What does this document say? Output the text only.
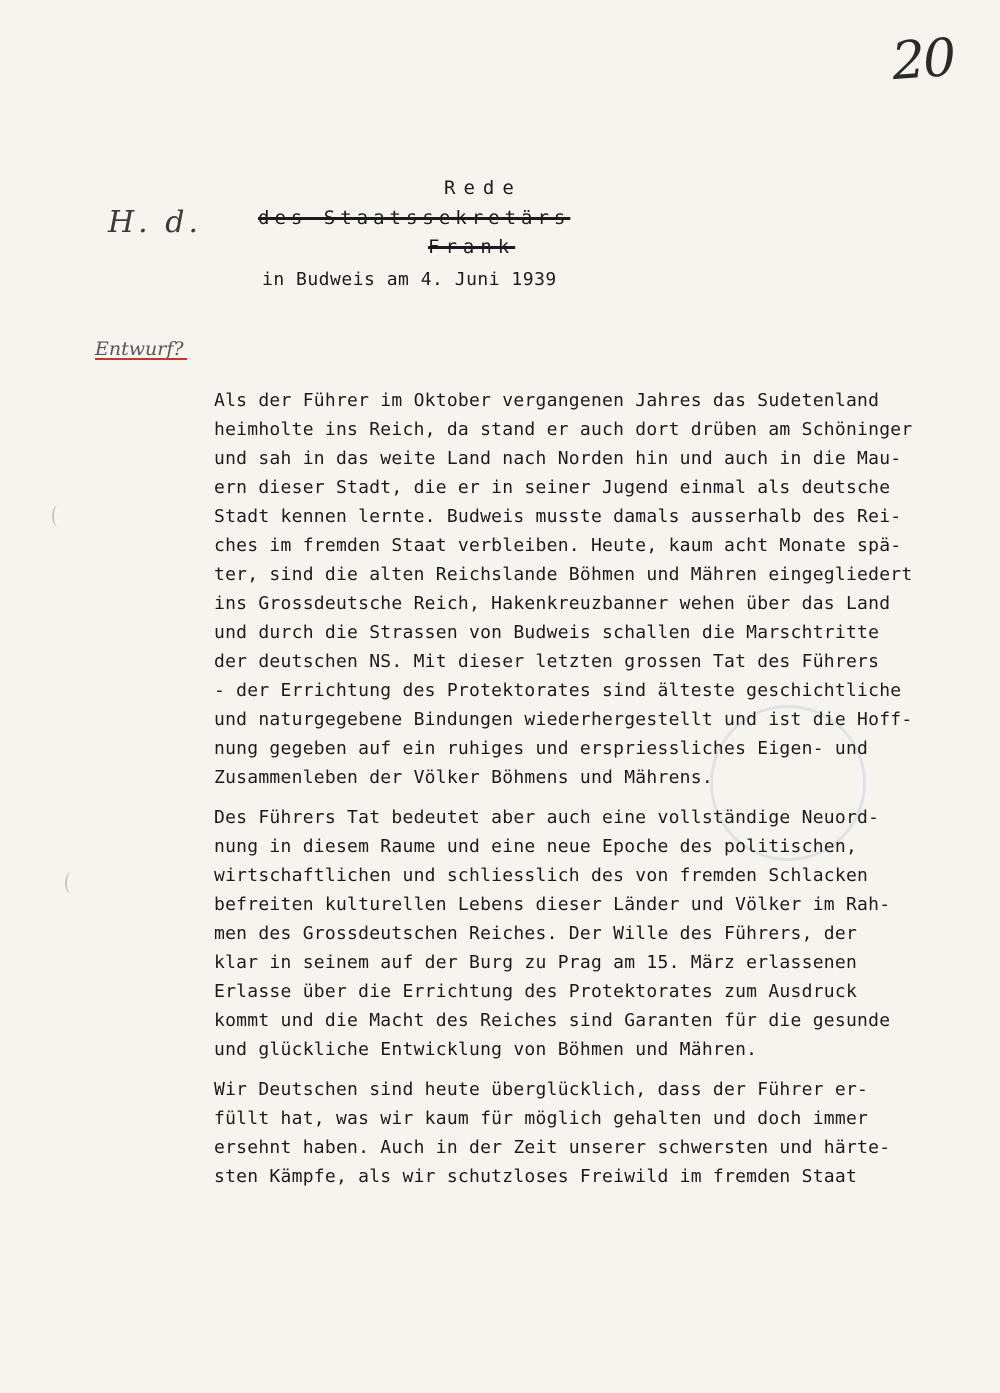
20
H. d.
Entwurf?
Rede
des Staatssekretärs
Frank
in Budweis am 4. Juni 1939

Als der Führer im Oktober vergangenen Jahres das Sudetenland
heimholte ins Reich, da stand er auch dort drüben am Schöninger
und sah in das weite Land nach Norden hin und auch in die Mau-
ern dieser Stadt, die er in seiner Jugend einmal als deutsche
Stadt kennen lernte. Budweis musste damals ausserhalb des Rei-
ches im fremden Staat verbleiben. Heute, kaum acht Monate spä-
ter, sind die alten Reichslande Böhmen und Mähren eingegliedert
ins Grossdeutsche Reich, Hakenkreuzbanner wehen über das Land
und durch die Strassen von Budweis schallen die Marschtritte
der deutschen NS. Mit dieser letzten grossen Tat des Führers
- der Errichtung des Protektorates sind älteste geschichtliche
und naturgegebene Bindungen wiederhergestellt und ist die Hoff-
nung gegeben auf ein ruhiges und erspriessliches Eigen- und
Zusammenleben der Völker Böhmens und Mährens.

Des Führers Tat bedeutet aber auch eine vollständige Neuord-
nung in diesem Raume und eine neue Epoche des politischen,
wirtschaftlichen und schliesslich des von fremden Schlacken
befreiten kulturellen Lebens dieser Länder und Völker im Rah-
men des Grossdeutschen Reiches. Der Wille des Führers, der
klar in seinem auf der Burg zu Prag am 15. März erlassenen
Erlasse über die Errichtung des Protektorates zum Ausdruck
kommt und die Macht des Reiches sind Garanten für die gesunde
und glückliche Entwicklung von Böhmen und Mähren.

Wir Deutschen sind heute überglücklich, dass der Führer er-
füllt hat, was wir kaum für möglich gehalten und doch immer
ersehnt haben. Auch in der Zeit unserer schwersten und härte-
sten Kämpfe, als wir schutzloses Freiwild im fremden Staat
